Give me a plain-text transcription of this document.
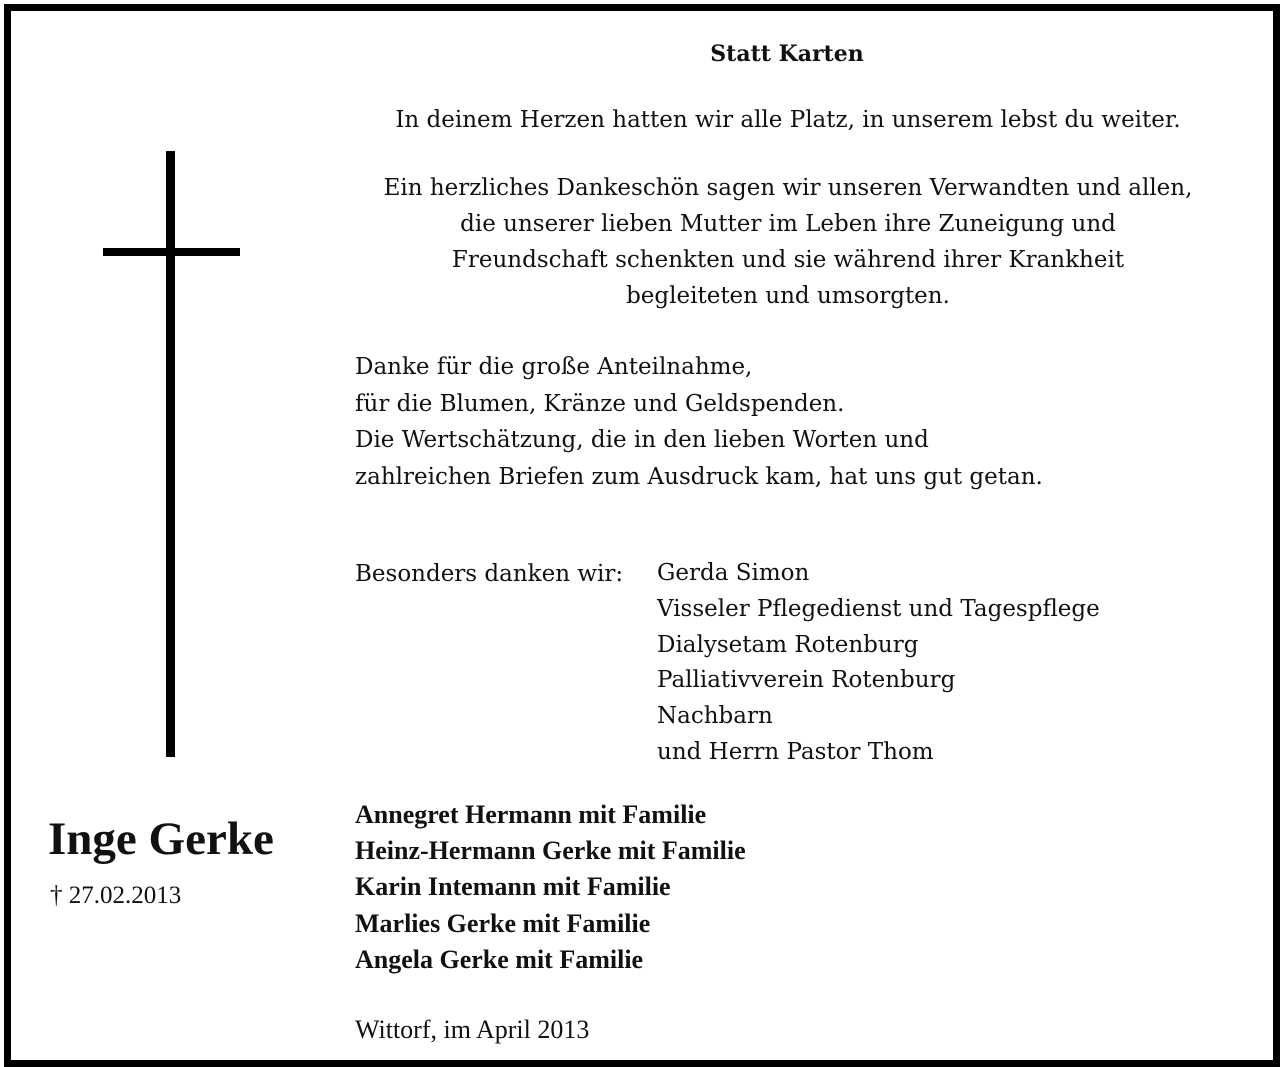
Statt Karten
In deinem Herzen hatten wir alle Platz, in unserem lebst du weiter.
Ein herzliches Dankeschön sagen wir unseren Verwandten und allen,
die unserer lieben Mutter im Leben ihre Zuneigung und
Freundschaft schenkten und sie während ihrer Krankheit
begleiteten und umsorgten.
Danke für die große Anteilnahme,
für die Blumen, Kränze und Geldspenden.
Die Wertschätzung, die in den lieben Worten und
zahlreichen Briefen zum Ausdruck kam, hat uns gut getan.
Besonders danken wir: Gerda Simon
Visseler Pflegedienst und Tagespflege
Dialysetam Rotenburg
Palliativverein Rotenburg
Nachbarn
und Herrn Pastor Thom
Inge Gerke
† 27.02.2013
Annegret Hermann mit Familie
Heinz-Hermann Gerke mit Familie
Karin Intemann mit Familie
Marlies Gerke mit Familie
Angela Gerke mit Familie
Wittorf, im April 2013
